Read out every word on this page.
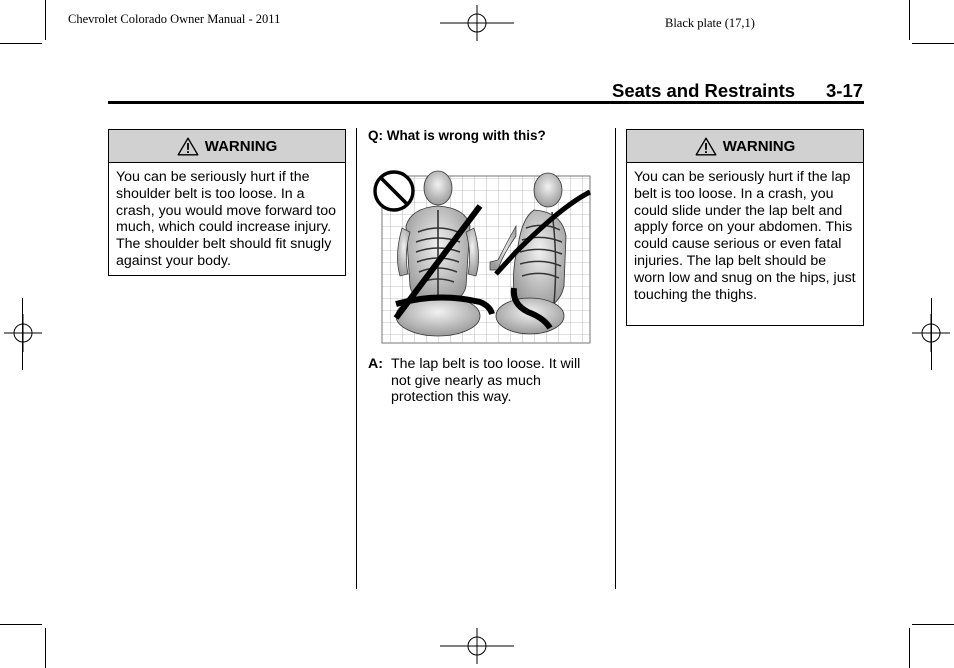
Chevrolet Colorado Owner Manual - 2011	Black plate (17,1)
Seats and Restraints 3-17
WARNING
You can be seriously hurt if the shoulder belt is too loose. In a crash, you would move forward too much, which could increase injury. The shoulder belt should fit snugly against your body.
Q: What is wrong with this?
A: The lap belt is too loose. It will not give nearly as much protection this way.
WARNING
You can be seriously hurt if the lap belt is too loose. In a crash, you could slide under the lap belt and apply force on your abdomen. This could cause serious or even fatal injuries. The lap belt should be worn low and snug on the hips, just touching the thighs.
